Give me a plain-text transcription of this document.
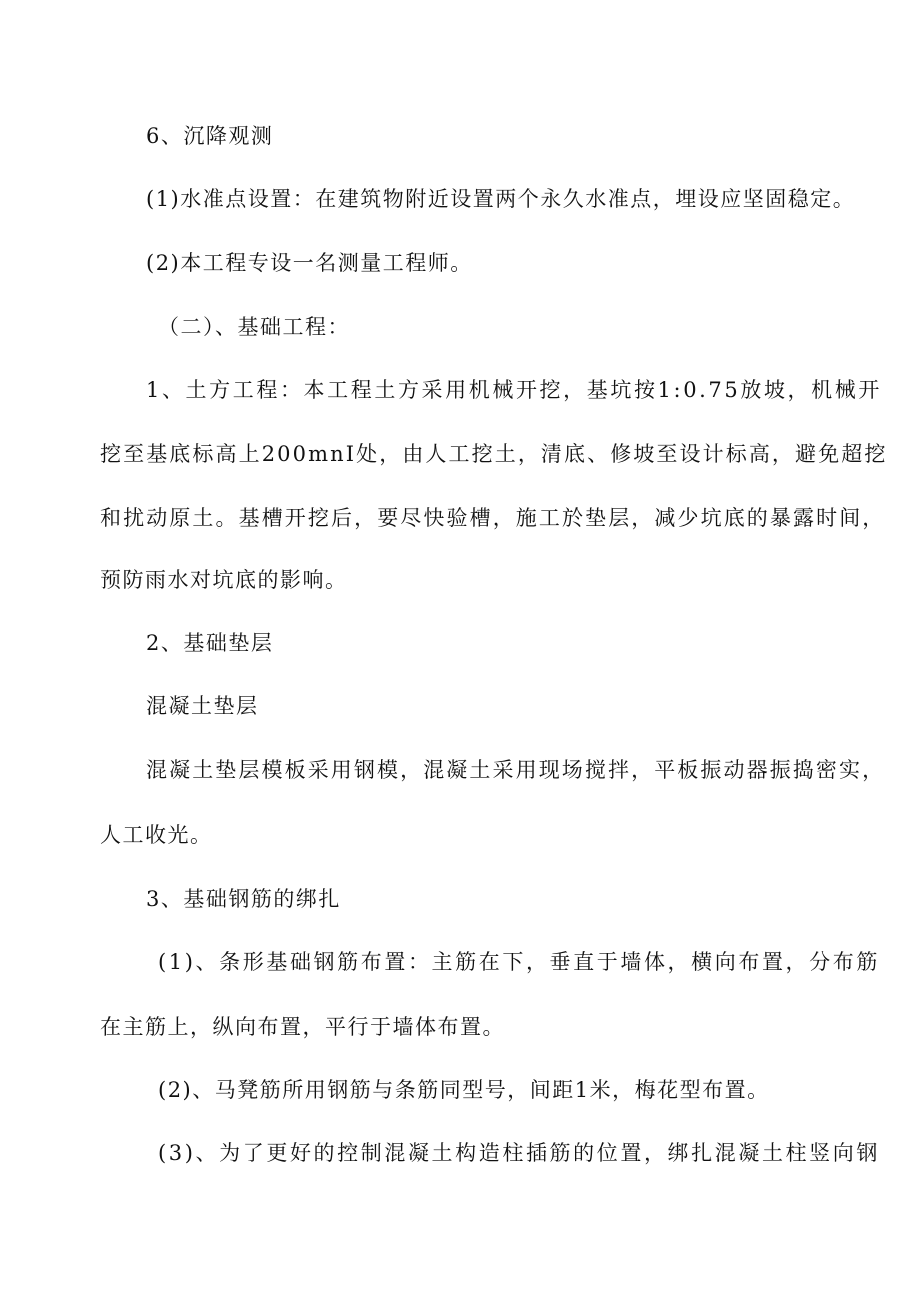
6、沉降观测
(1)水准点设置：在建筑物附近设置两个永久水准点，埋设应坚固稳定。
(2)本工程专设一名测量工程师。
（二）、基础工程：
1、土方工程：本工程土方采用机械开挖，基坑按1:0.75放坡，机械开
挖至基底标高上200mnI处，由人工挖土，清底、修坡至设计标高，避免超挖
和扰动原土。基槽开挖后，要尽快验槽，施工於垫层，减少坑底的暴露时间，
预防雨水对坑底的影响。
2、基础垫层
混凝土垫层
混凝土垫层模板采用钢模，混凝土采用现场搅拌，平板振动器振捣密实，
人工收光。
3、基础钢筋的绑扎
(1)、条形基础钢筋布置：主筋在下，垂直于墙体，横向布置，分布筋
在主筋上，纵向布置，平行于墙体布置。
(2)、马凳筋所用钢筋与条筋同型号，间距1米，梅花型布置。
(3)、为了更好的控制混凝土构造柱插筋的位置，绑扎混凝土柱竖向钢
